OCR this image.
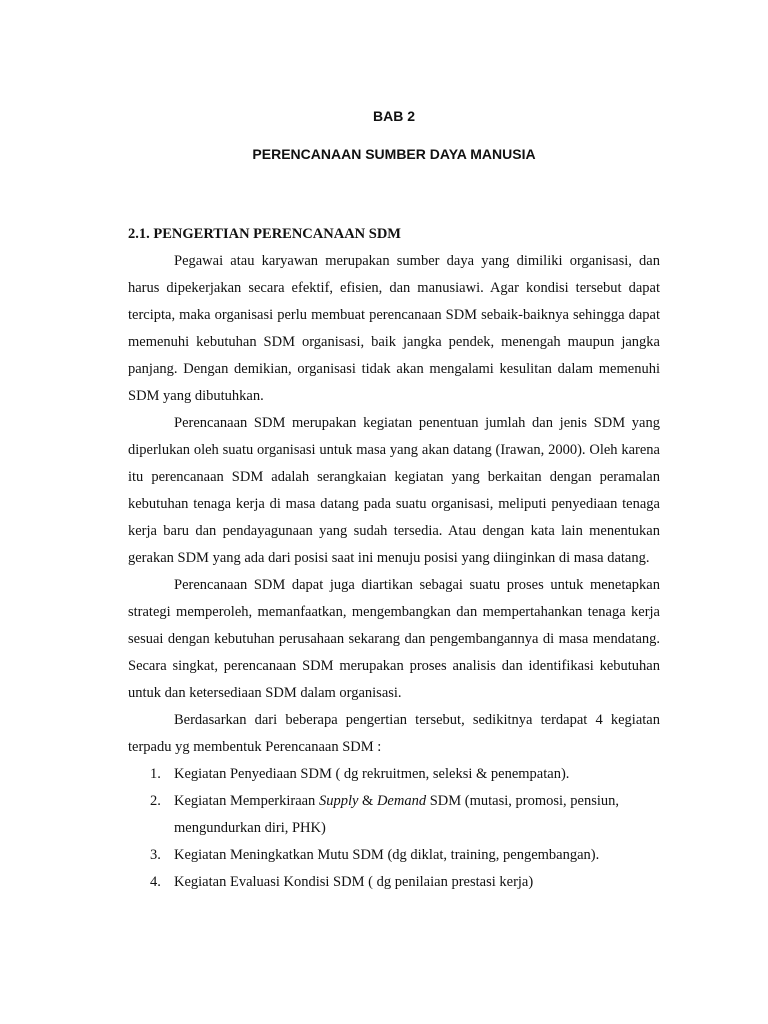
BAB 2
PERENCANAAN SUMBER DAYA MANUSIA
2.1. PENGERTIAN PERENCANAAN SDM

Pegawai atau karyawan merupakan sumber daya yang dimiliki organisasi, dan harus dipekerjakan secara efektif, efisien, dan manusiawi. Agar kondisi tersebut dapat tercipta, maka organisasi perlu membuat perencanaan SDM sebaik-baiknya sehingga dapat memenuhi kebutuhan SDM organisasi, baik jangka pendek, menengah maupun jangka panjang. Dengan demikian, organisasi tidak akan mengalami kesulitan dalam memenuhi SDM yang dibutuhkan.

Perencanaan SDM merupakan kegiatan penentuan jumlah dan jenis SDM yang diperlukan oleh suatu organisasi untuk masa yang akan datang (Irawan, 2000). Oleh karena itu perencanaan SDM adalah serangkaian kegiatan yang berkaitan dengan peramalan kebutuhan tenaga kerja di masa datang pada suatu organisasi, meliputi penyediaan tenaga kerja baru dan pendayagunaan yang sudah tersedia. Atau dengan kata lain menentukan gerakan SDM yang ada dari posisi saat ini menuju posisi yang diinginkan di masa datang.

Perencanaan SDM dapat juga diartikan sebagai suatu proses untuk menetapkan strategi memperoleh, memanfaatkan, mengembangkan dan mempertahankan tenaga kerja sesuai dengan kebutuhan perusahaan sekarang dan pengembangannya di masa mendatang. Secara singkat, perencanaan SDM merupakan proses analisis dan identifikasi kebutuhan untuk dan ketersediaan SDM dalam organisasi.

Berdasarkan dari beberapa pengertian tersebut, sedikitnya terdapat 4 kegiatan terpadu yg membentuk Perencanaan SDM :

1. Kegiatan Penyediaan SDM ( dg rekruitmen, seleksi & penempatan).
2. Kegiatan Memperkiraan Supply & Demand SDM (mutasi, promosi, pensiun, mengundurkan diri, PHK)
3. Kegiatan Meningkatkan Mutu SDM (dg diklat, training, pengembangan).
4. Kegiatan Evaluasi Kondisi SDM ( dg penilaian prestasi kerja)
